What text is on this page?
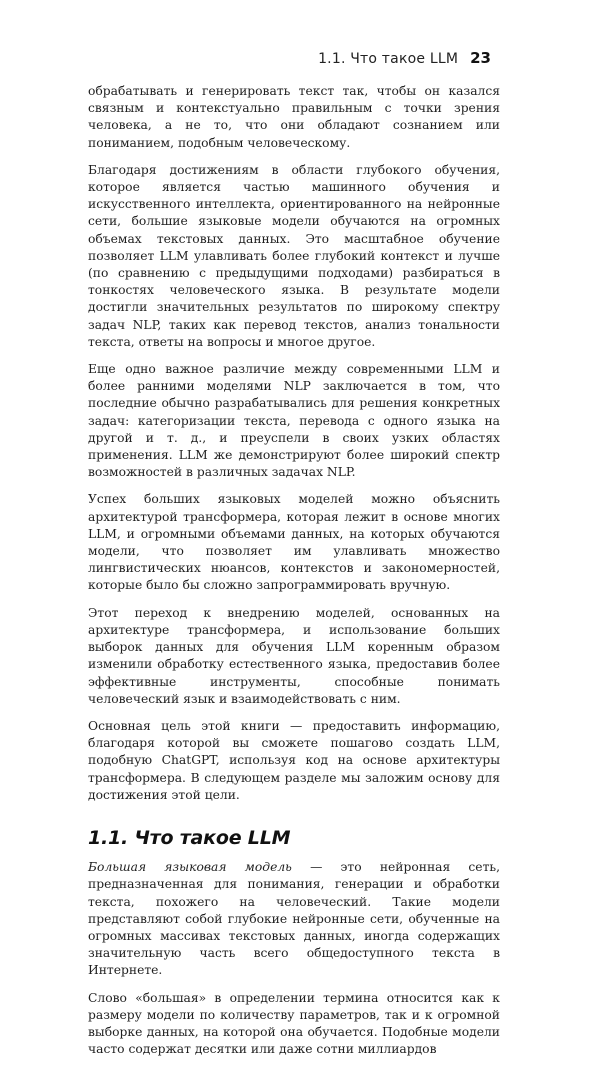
1.1. Что такое LLM 23

обрабатывать и генерировать текст так, чтобы он казался связным и контекстуально правильным с точки зрения человека, а не то, что они обладают сознанием или пониманием, подобным человеческому.

Благодаря достижениям в области глубокого обучения, которое является частью машинного обучения и искусственного интеллекта, ориентированного на нейронные сети, большие языковые модели обучаются на огромных объемах текстовых данных. Это масштабное обучение позволяет LLM улавливать более глубокий контекст и лучше (по сравнению с предыдущими подходами) разбираться в тонкостях человеческого языка. В результате модели достигли значительных результатов по широкому спектру задач NLP, таких как перевод текстов, анализ тональности текста, ответы на вопросы и многое другое.

Еще одно важное различие между современными LLM и более ранними моделями NLP заключается в том, что последние обычно разрабатывались для решения конкретных задач: категоризации текста, перевода с одного языка на другой и т. д., и преуспели в своих узких областях применения. LLM же демонстрируют более широкий спектр возможностей в различных задачах NLP.

Успех больших языковых моделей можно объяснить архитектурой трансформера, которая лежит в основе многих LLM, и огромными объемами данных, на которых обучаются модели, что позволяет им улавливать множество лингвистических нюансов, контекстов и закономерностей, которые было бы сложно запрограммировать вручную.

Этот переход к внедрению моделей, основанных на архитектуре трансформера, и использование больших выборок данных для обучения LLM коренным образом изменили обработку естественного языка, предоставив более эффективные инструменты, способные понимать человеческий язык и взаимодействовать с ним.

Основная цель этой книги — предоставить информацию, благодаря которой вы сможете пошагово создать LLM, подобную ChatGPT, используя код на основе архитектуры трансформера. В следующем разделе мы заложим основу для достижения этой цели.

1.1. Что такое LLM

Большая языковая модель — это нейронная сеть, предназначенная для понимания, генерации и обработки текста, похожего на человеческий. Такие модели представляют собой глубокие нейронные сети, обученные на огромных массивах текстовых данных, иногда содержащих значительную часть всего общедоступного текста в Интернете.

Слово «большая» в определении термина относится как к размеру модели по количеству параметров, так и к огромной выборке данных, на которой она обучается. Подобные модели часто содержат десятки или даже сотни миллиардов
